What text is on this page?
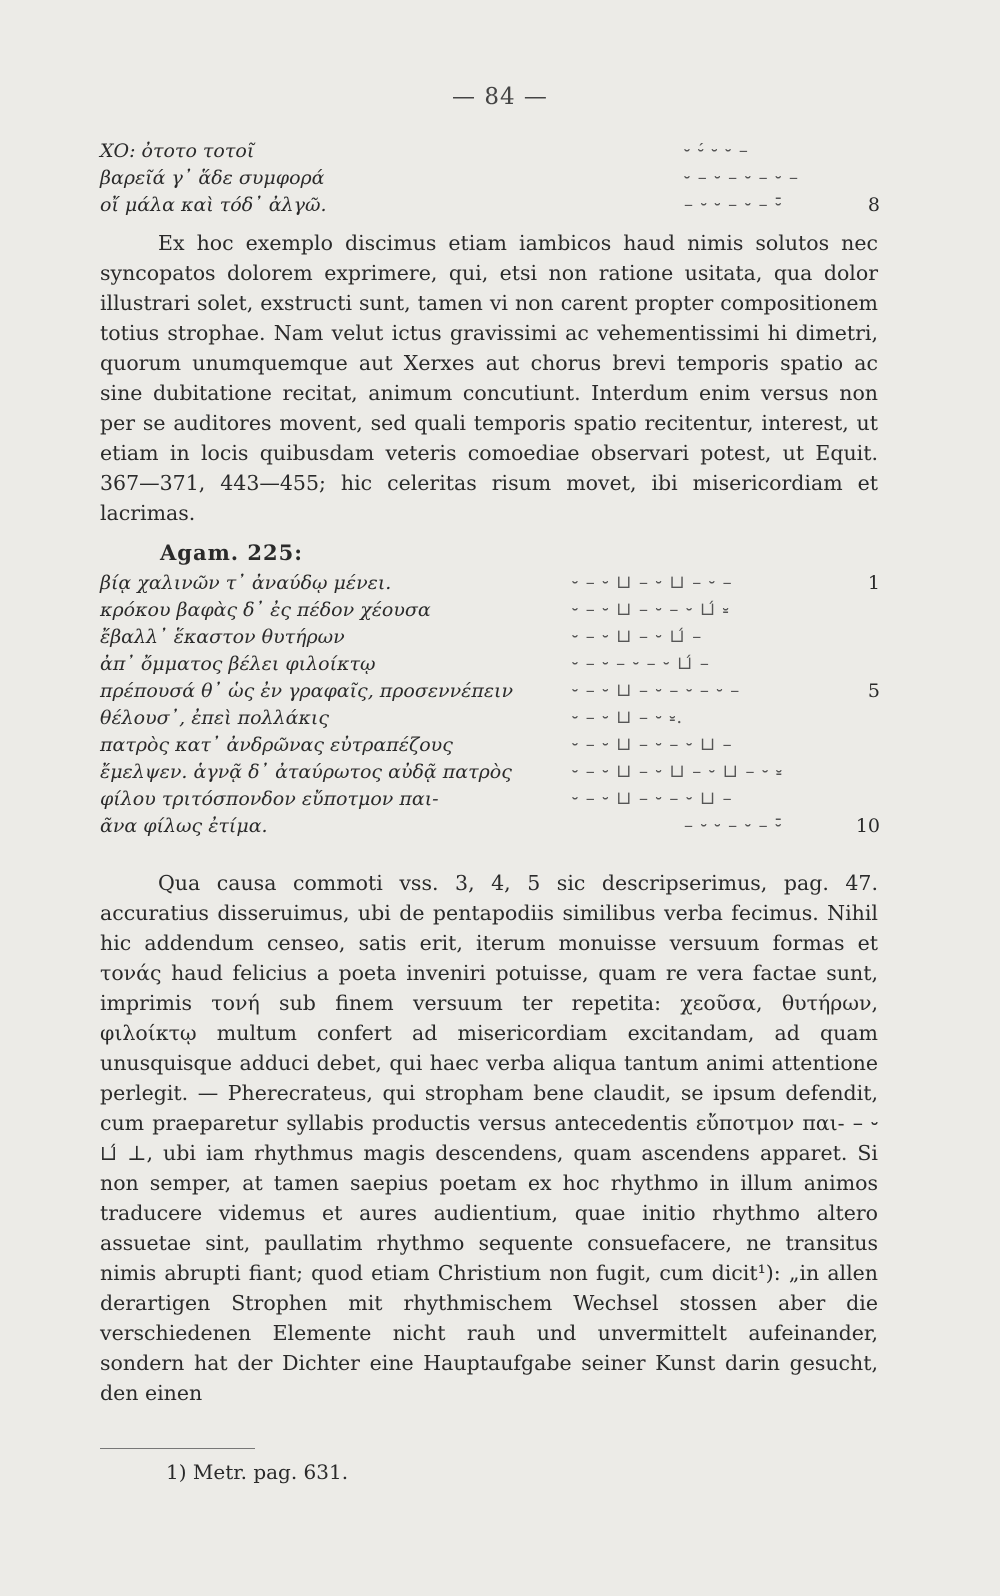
— 84 —
ΧΟ: ὀτοτο τοτοῖ	⏑ ⏑́ ⏑ ⏑ –
βαρεῖά γ᾽ ἅδε συμφορά	⏑ – ⏑ – ⏑ – ⏑ –
οἴ μάλα καὶ τόδ᾽ ἀλγῶ.	– ⏑ ⏑ – ⏑ – ⏑̄	8

Ex hoc exemplo discimus etiam iambicos haud nimis solutos nec syncopatos dolorem exprimere, qui, etsi non ratione usitata, qua dolor illustrari solet, exstructi sunt, tamen vi non carent propter compositionem totius strophae. Nam velut ictus gravissimi ac vehementissimi hi dimetri, quorum unumquemque aut Xerxes aut chorus brevi temporis spatio ac sine dubitatione recitat, animum concutiunt. Interdum enim versus non per se auditores movent, sed quali temporis spatio recitentur, interest, ut etiam in locis quibusdam veteris comoediae observari potest, ut Equit. 367—371, 443—455; hic celeritas risum movet, ibi misericordiam et lacrimas.

Agam. 225:
βίᾳ χαλινῶν τ᾽ ἀναύδῳ μένει.	⏑ – ⏑ ⊔ – ⏑ ⊔ – ⏑ –	1
κρόκου βαφὰς δ᾽ ἐς πέδον χέουσα	⏑ – ⏑ ⊔ – ⏑ – ⏑ ⊔́ ⏓
ἔβαλλ᾽ ἕκαστον θυτήρων	⏑ – ⏑ ⊔ – ⏑ ⊔́ –
ἀπ᾽ ὄμματος βέλει φιλοίκτῳ	⏑ – ⏑ – ⏑ – ⏑ ⊔́ –
πρέπουσά θ᾽ ὡς ἐν γραφαῖς, προσεννέπειν	⏑ – ⏑ ⊔ – ⏑ – ⏑ – ⏑ –	5
θέλουσ᾽, ἐπεὶ πολλάκις	⏑ – ⏑ ⊔ – ⏑ ⏓.
πατρὸς κατ᾽ ἀνδρῶνας εὐτραπέζους	⏑ – ⏑ ⊔ – ⏑ – ⏑ ⊔ –
ἔμελψεν. ἁγνᾷ δ᾽ ἀταύρωτος αὐδᾷ πατρὸς	⏑ – ⏑ ⊔ – ⏑ ⊔ – ⏑ ⊔ – ⏑ ⏓
φίλου τριτόσπονδον εὔποτμον παι-	⏑ – ⏑ ⊔ – ⏑ – ⏑ ⊔ –
ᾶνα φίλως ἐτίμα.	– ⏑ ⏑ – ⏑ – ⏑̄	10

Qua causa commoti vss. 3, 4, 5 sic descripserimus, pag. 47. accuratius disseruimus, ubi de pentapodiis similibus verba fecimus. Nihil hic addendum censeo, satis erit, iterum monuisse versuum formas et τονάς haud felicius a poeta inveniri potuisse, quam re vera factae sunt, imprimis τονή sub finem versuum ter repetita: χεοῦσα, θυτήρων, φιλοίκτῳ multum confert ad misericordiam excitandam, ad quam unusquisque adduci debet, qui haec verba aliqua tantum animi attentione perlegit. — Pherecrateus, qui stropham bene claudit, se ipsum defendit, cum praeparetur syllabis productis versus antecedentis εὔποτμον παι- – ⏑ ⊔́ ⊥, ubi iam rhythmus magis descendens, quam ascendens apparet. Si non semper, at tamen saepius poetam ex hoc rhythmo in illum animos traducere videmus et aures audientium, quae initio rhythmo altero assuetae sint, paullatim rhythmo sequente consuefacere, ne transitus nimis abrupti fiant; quod etiam Christium non fugit, cum dicit¹): „in allen derartigen Strophen mit rhythmischem Wechsel stossen aber die verschiedenen Elemente nicht rauh und unvermittelt aufeinander, sondern hat der Dichter eine Hauptaufgabe seiner Kunst darin gesucht, den einen

1) Metr. pag. 631.
